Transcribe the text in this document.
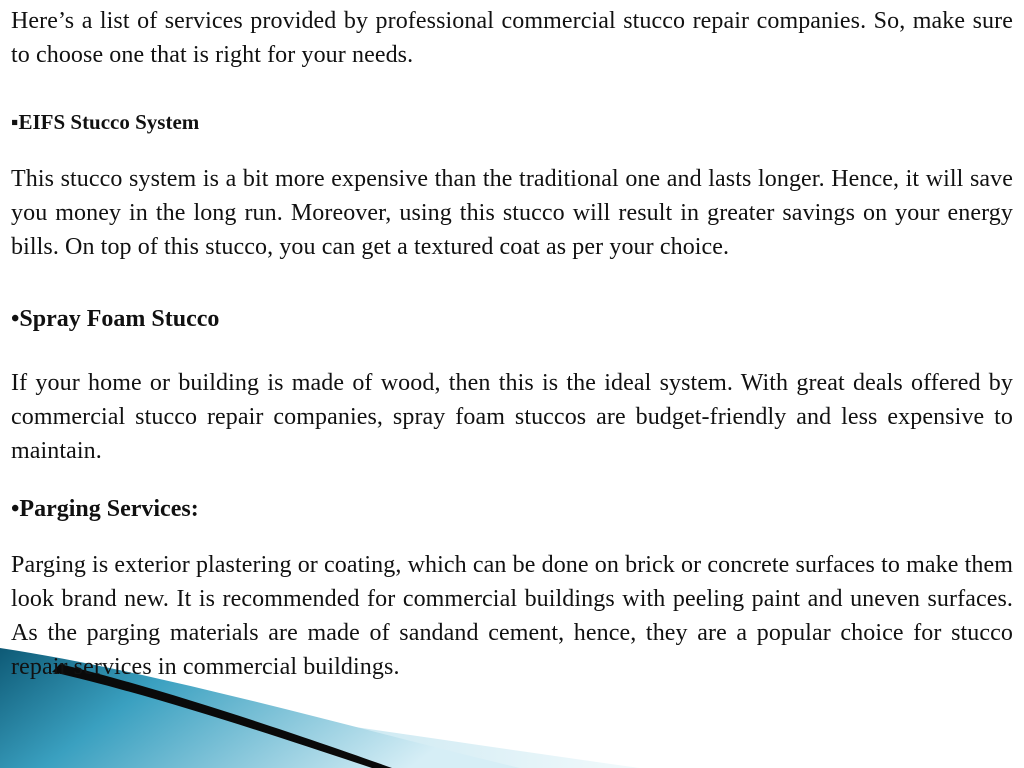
Here’s a list of services provided by professional commercial stucco repair companies. So, make sure to choose one that is right for your needs.

▪EIFS Stucco System

This stucco system is a bit more expensive than the traditional one and lasts longer. Hence, it will save you money in the long run. Moreover, using this stucco will result in greater savings on your energy bills. On top of this stucco, you can get a textured coat as per your choice.

•Spray Foam Stucco

If your home or building is made of wood, then this is the ideal system. With great deals offered by commercial stucco repair companies, spray foam stuccos are budget-friendly and less expensive to maintain.

•Parging Services:

Parging is exterior plastering or coating, which can be done on brick or concrete surfaces to make them look brand new. It is recommended for commercial buildings with peeling paint and uneven surfaces. As the parging materials are made of sandand cement, hence, they are a popular choice for stucco repair services in commercial buildings.
